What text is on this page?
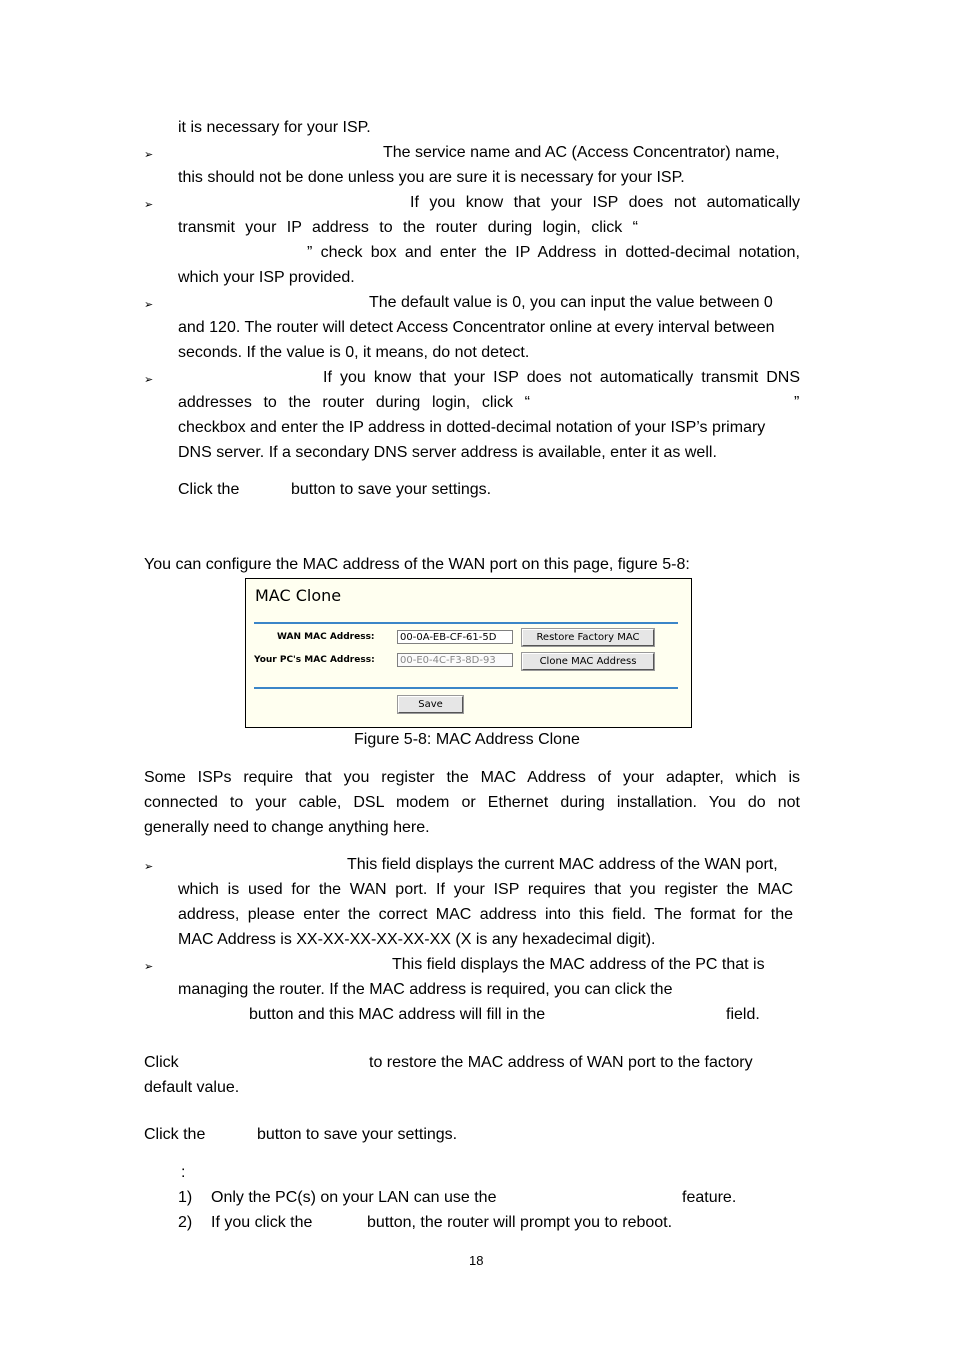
➢
➢
➢
➢
➢
➢
it is necessary for your ISP.
The service name and AC (Access Concentrator) name,
this should not be done unless you are sure it is necessary for your ISP.
If you know that your ISP does not automatically
transmit your IP address to the router during login, click “
” check box and enter the IP Address in dotted-decimal notation,
which your ISP provided.
The default value is 0, you can input the value between 0
and 120. The router will detect Access Concentrator online at every interval between
seconds. If the value is 0, it means, do not detect.
If you know that your ISP does not automatically transmit DNS
addresses to the router during login, click “	”
checkbox and enter the IP address in dotted-decimal notation of your ISP’s primary
DNS server. If a secondary DNS server address is available, enter it as well.
Click the	button to save your settings.
You can configure the MAC address of the WAN port on this page, figure 5-8:
MAC Clone
WAN MAC Address:	00-0A-EB-CF-61-5D	Restore Factory MAC
Your PC's MAC Address:	00-E0-4C-F3-8D-93	Clone MAC Address
Save
Figure 5-8: MAC Address Clone
Some ISPs require that you register the MAC Address of your adapter, which is
connected to your cable, DSL modem or Ethernet during installation. You do not
generally need to change anything here.
This field displays the current MAC address of the WAN port,
which is used for the WAN port. If your ISP requires that you register the MAC
address, please enter the correct MAC address into this field. The format for the
MAC Address is XX-XX-XX-XX-XX-XX (X is any hexadecimal digit).
This field displays the MAC address of the PC that is
managing the router. If the MAC address is required, you can click the
button and this MAC address will fill in the	field.
Click	to restore the MAC address of WAN port to the factory
default value.
Click the	button to save your settings.
:
1) Only the PC(s) on your LAN can use the	feature.
2) If you click the	button, the router will prompt you to reboot.
18
